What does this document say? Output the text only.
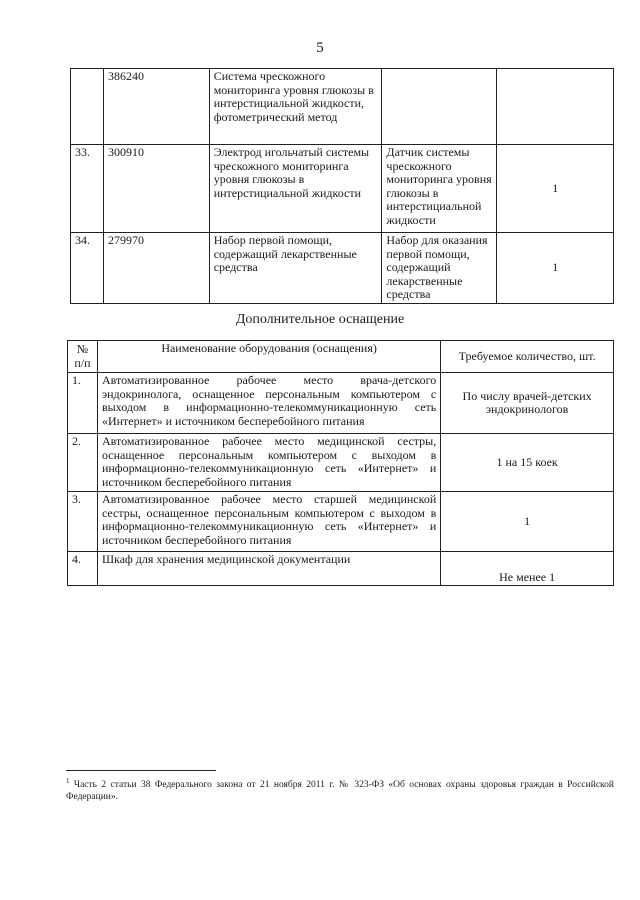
5
	386240	Система чрескожного мониторинга уровня глюкозы в интерстициальной жидкости, фотометрический метод		
33.	300910	Электрод игольчатый системы чрескожного мониторинга уровня глюкозы в интерстициальной жидкости	Датчик системы чрескожного мониторинга уровня глюкозы в интерстициальной жидкости	1
34.	279970	Набор первой помощи, содержащий лекарственные средства	Набор для оказания первой помощи, содержащий лекарственные средства	1
Дополнительное оснащение
№ п/п	Наименование оборудования (оснащения)	Требуемое количество, шт.
1.	Автоматизированное рабочее место врача-детского эндокринолога, оснащенное персональным компьютером с выходом в информационно-телекоммуникационную сеть «Интернет» и источником бесперебойного питания	По числу врачей-детских эндокринологов
2.	Автоматизированное рабочее место медицинской сестры, оснащенное персональным компьютером с выходом в информационно-телекоммуникационную сеть «Интернет» и источником бесперебойного питания	1 на 15 коек
3.	Автоматизированное рабочее место старшей медицинской сестры, оснащенное персональным компьютером с выходом в информационно-телекоммуникационную сеть «Интернет» и источником бесперебойного питания	1
4.	Шкаф для хранения медицинской документации	Не менее 1
$^1$ Часть 2 статьи 38 Федерального закона от 21 ноября 2011 г. № 323-ФЗ «Об основах охраны здоровья граждан в Российской Федерации».
